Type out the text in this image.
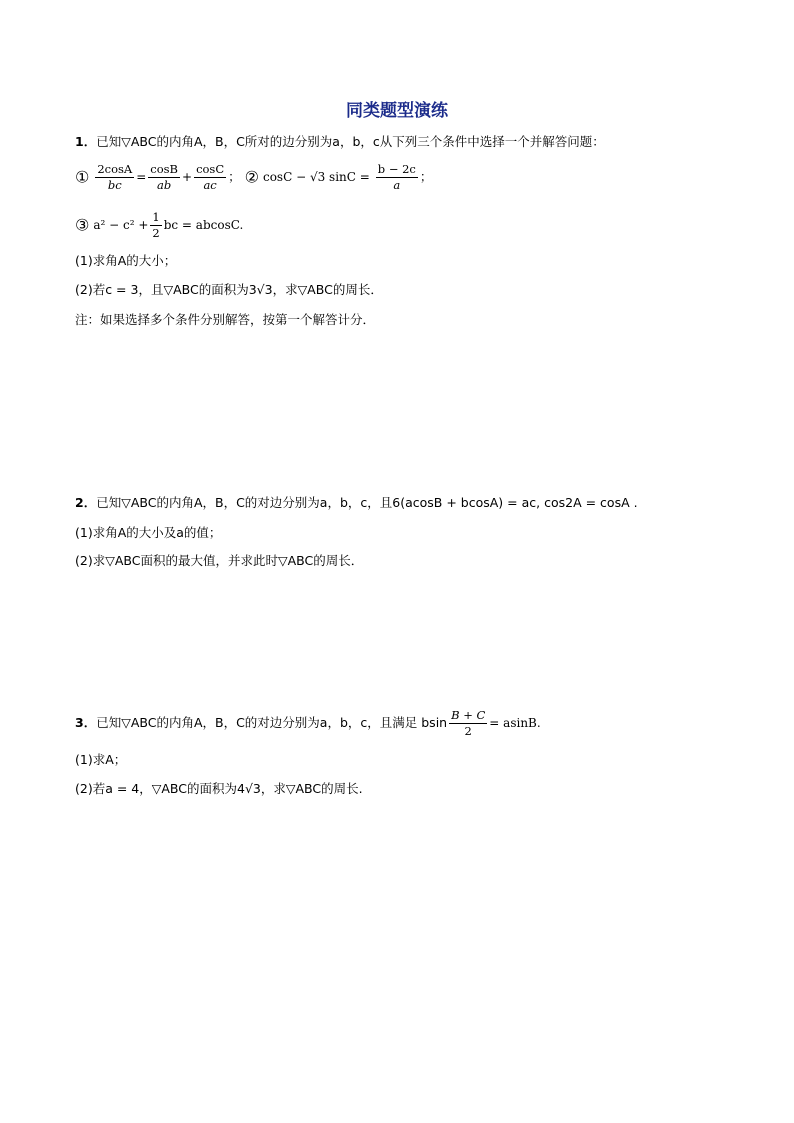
同类题型演练
1．已知▽ABC的内角A，B，C所对的边分别为a，b，c从下列三个条件中选择一个并解答问题：
① $\frac{2\cos A}{bc} = \frac{\cos B}{ab} + \frac{\cos C}{ac}$ ； ② cosC − √3 $\sin C = \frac{b - 2c}{a}$ ；
③ $a^2 - c^2 + \frac{1}{2}$ bc = abcosC.
(1)求角A的大小；
(2)若c = 3，且▽ABC的面积为3√3，求▽ABC的周长．
注：如果选择多个条件分别解答，按第一个解答计分．
2．已知▽ABC的内角A，B，C的对边分别为a，b，c，且6(acosB + bcosA) = ac, cos2A = cosA .
(1)求角A的大小及a的值；
(2)求▽ABC面积的最大值，并求此时▽ABC的周长．
3．已知▽ABC的内角A，B，C的对边分别为a，b，c，且满足 bsin $\frac{B + C}{2} = asinB$.
(1)求A；
(2)若a = 4，▽ABC的面积为4√3，求▽ABC的周长.
